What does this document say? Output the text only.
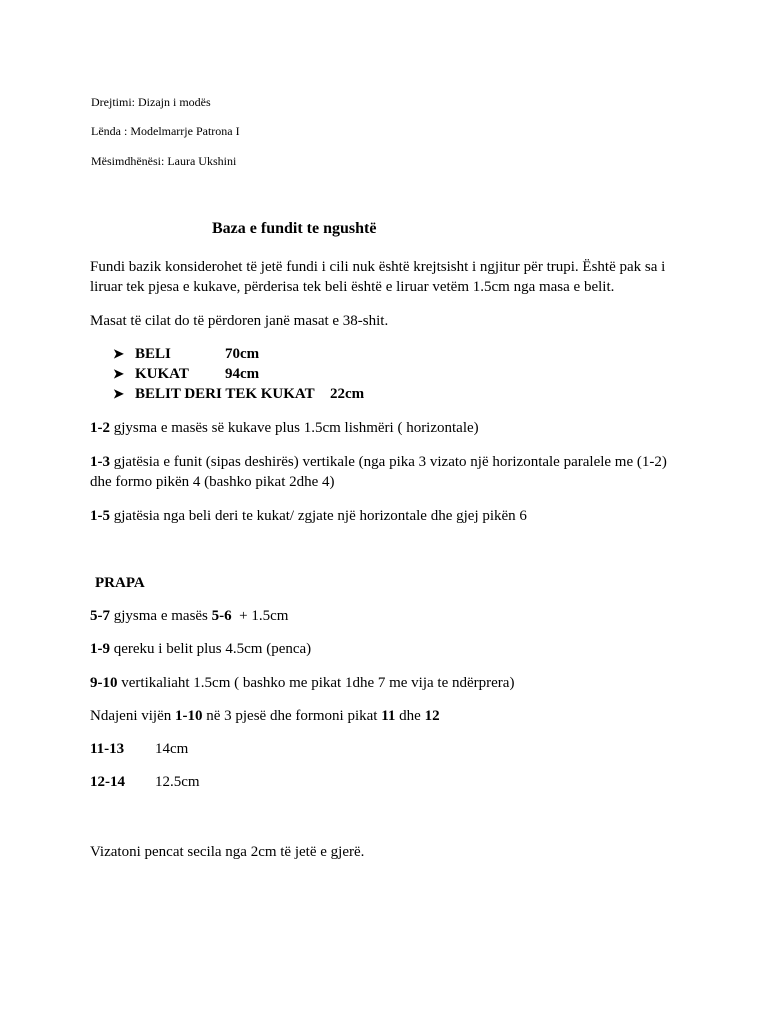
Drejtimi: Dizajn i modës
Lënda : Modelmarrje Patrona I
Mësimdhënësi: Laura Ukshini
Baza e fundit te ngushtë
Fundi bazik konsiderohet të jetë fundi i cili nuk është krejtsisht i ngjitur për trupi. Është pak sa i liruar tek pjesa e kukave, përderisa tek beli është e liruar vetëm 1.5cm nga masa e belit.
Masat të cilat do të përdoren janë masat e 38-shit.
➤ BELI	70cm
➤ KUKAT 94cm
➤ BELIT DERI TEK KUKAT 22cm
1-2 gjysma e masës së kukave plus 1.5cm lishmëri ( horizontale)
1-3 gjatësia e funit (sipas deshirës) vertikale (nga pika 3 vizato një horizontale paralele me (1-2) dhe formo pikën 4 (bashko pikat 2dhe 4)
1-5 gjatësia nga beli deri te kukat/ zgjate një horizontale dhe gjej pikën 6
PRAPA
5-7 gjysma e masës 5-6  + 1.5cm
1-9 qereku i belit plus 4.5cm (penca)
9-10 vertikaliaht 1.5cm ( bashko me pikat 1dhe 7 me vija te ndërprera)
Ndajeni vijën 1-10 në 3 pjesë dhe formoni pikat 11 dhe 12
11-13 14cm
12-14 12.5cm
Vizatoni pencat secila nga 2cm të jetë e gjerë.
